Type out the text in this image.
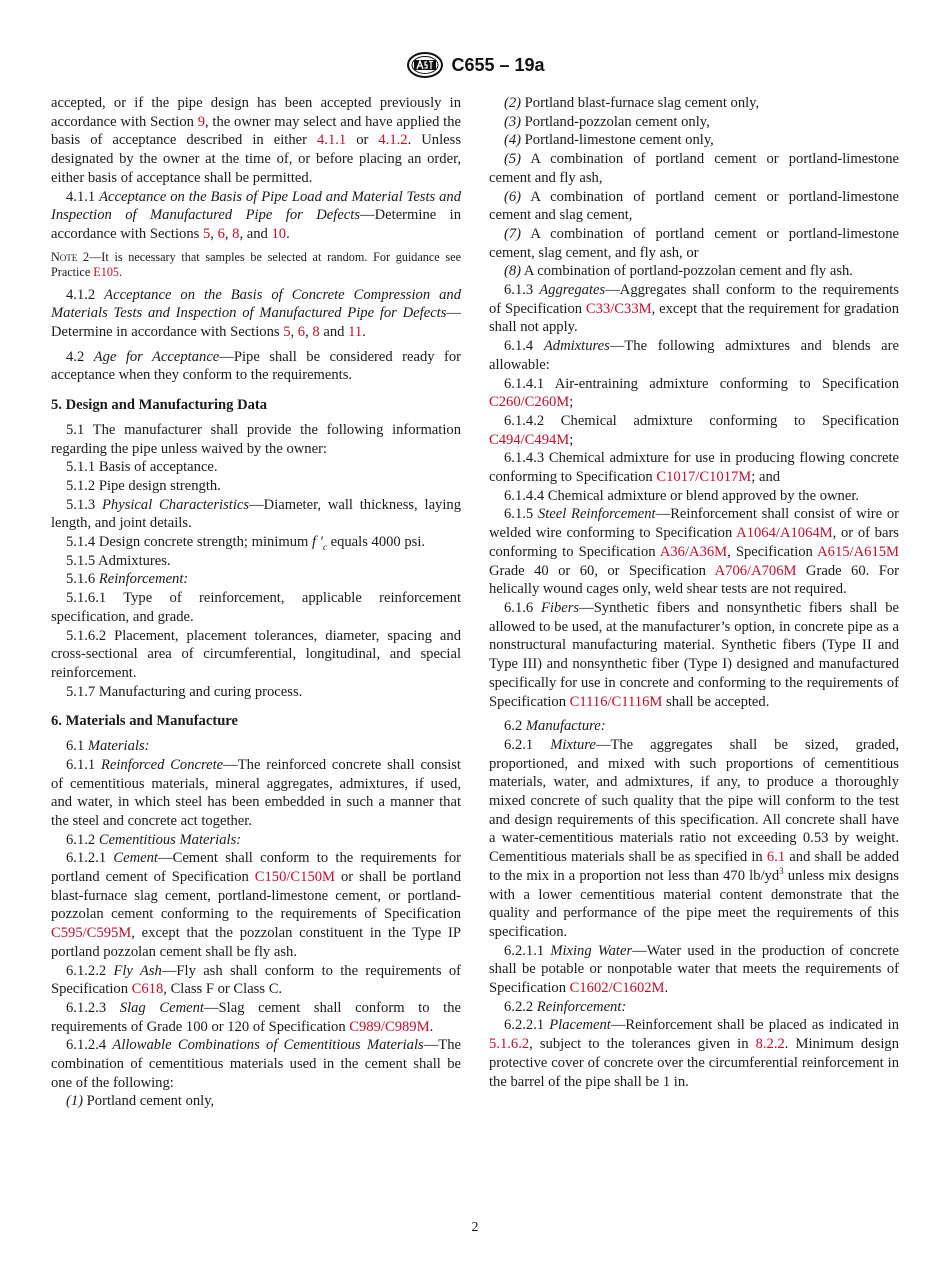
C655 – 19a

accepted, or if the pipe design has been accepted previously in accordance with Section 9, the owner may select and have applied the basis of acceptance described in either 4.1.1 or 4.1.2. Unless designated by the owner at the time of, or before placing an order, either basis of acceptance shall be permitted.

4.1.1 Acceptance on the Basis of Pipe Load and Material Tests and Inspection of Manufactured Pipe for Defects—Determine in accordance with Sections 5, 6, 8, and 10.

Note 2—It is necessary that samples be selected at random. For guidance see Practice E105.

4.1.2 Acceptance on the Basis of Concrete Compression and Materials Tests and Inspection of Manufactured Pipe for Defects—Determine in accordance with Sections 5, 6, 8 and 11.

4.2 Age for Acceptance—Pipe shall be considered ready for acceptance when they conform to the requirements.

5. Design and Manufacturing Data

5.1 The manufacturer shall provide the following information regarding the pipe unless waived by the owner:

5.1.1 Basis of acceptance.

5.1.2 Pipe design strength.

5.1.3 Physical Characteristics—Diameter, wall thickness, laying length, and joint details.

5.1.4 Design concrete strength; minimum f $'_c$ equals 4000 psi.

5.1.5 Admixtures.

5.1.6 Reinforcement:

5.1.6.1 Type of reinforcement, applicable reinforcement specification, and grade.

5.1.6.2 Placement, placement tolerances, diameter, spacing and cross-sectional area of circumferential, longitudinal, and special reinforcement.

5.1.7 Manufacturing and curing process.

6. Materials and Manufacture

6.1 Materials:

6.1.1 Reinforced Concrete—The reinforced concrete shall consist of cementitious materials, mineral aggregates, admixtures, if used, and water, in which steel has been embedded in such a manner that the steel and concrete act together.

6.1.2 Cementitious Materials:

6.1.2.1 Cement—Cement shall conform to the requirements for portland cement of Specification C150/C150M or shall be portland blast-furnace slag cement, portland-limestone cement, or portland-pozzolan cement conforming to the requirements of Specification C595/C595M, except that the pozzolan constituent in the Type IP portland pozzolan cement shall be fly ash.

6.1.2.2 Fly Ash—Fly ash shall conform to the requirements of Specification C618, Class F or Class C.

6.1.2.3 Slag Cement—Slag cement shall conform to the requirements of Grade 100 or 120 of Specification C989/C989M.

6.1.2.4 Allowable Combinations of Cementitious Materials—The combination of cementitious materials used in the cement shall be one of the following:

(1) Portland cement only,

(2) Portland blast-furnace slag cement only,

(3) Portland-pozzolan cement only,

(4) Portland-limestone cement only,

(5) A combination of portland cement or portland-limestone cement and fly ash,

(6) A combination of portland cement or portland-limestone cement and slag cement,

(7) A combination of portland cement or portland-limestone cement, slag cement, and fly ash, or

(8) A combination of portland-pozzolan cement and fly ash.

6.1.3 Aggregates—Aggregates shall conform to the requirements of Specification C33/C33M, except that the requirement for gradation shall not apply.

6.1.4 Admixtures—The following admixtures and blends are allowable:

6.1.4.1 Air-entraining admixture conforming to Specification C260/C260M;

6.1.4.2 Chemical admixture conforming to Specification C494/C494M;

6.1.4.3 Chemical admixture for use in producing flowing concrete conforming to Specification C1017/C1017M; and

6.1.4.4 Chemical admixture or blend approved by the owner.

6.1.5 Steel Reinforcement—Reinforcement shall consist of wire or welded wire conforming to Specification A1064/A1064M, or of bars conforming to Specification A36/A36M, Specification A615/A615M Grade 40 or 60, or Specification A706/A706M Grade 60. For helically wound cages only, weld shear tests are not required.

6.1.6 Fibers—Synthetic fibers and nonsynthetic fibers shall be allowed to be used, at the manufacturer’s option, in concrete pipe as a nonstructural manufacturing material. Synthetic fibers (Type II and Type III) and nonsynthetic fiber (Type I) designed and manufactured specifically for use in concrete and conforming to the requirements of Specification C1116/C1116M shall be accepted.

6.2 Manufacture:

6.2.1 Mixture—The aggregates shall be sized, graded, proportioned, and mixed with such proportions of cementitious materials, water, and admixtures, if any, to produce a thoroughly mixed concrete of such quality that the pipe will conform to the test and design requirements of this specification. All concrete shall have a water-cementitious materials ratio not exceeding 0.53 by weight. Cementitious materials shall be as specified in 6.1 and shall be added to the mix in a proportion not less than 470 $lb/yd^3$ unless mix designs with a lower cementitious material content demonstrate that the quality and performance of the pipe meet the requirements of this specification.

6.2.1.1 Mixing Water—Water used in the production of concrete shall be potable or nonpotable water that meets the requirements of Specification C1602/C1602M.

6.2.2 Reinforcement:

6.2.2.1 Placement—Reinforcement shall be placed as indicated in 5.1.6.2, subject to the tolerances given in 8.2.2. Minimum design protective cover of concrete over the circumferential reinforcement in the barrel of the pipe shall be 1 in.

2
